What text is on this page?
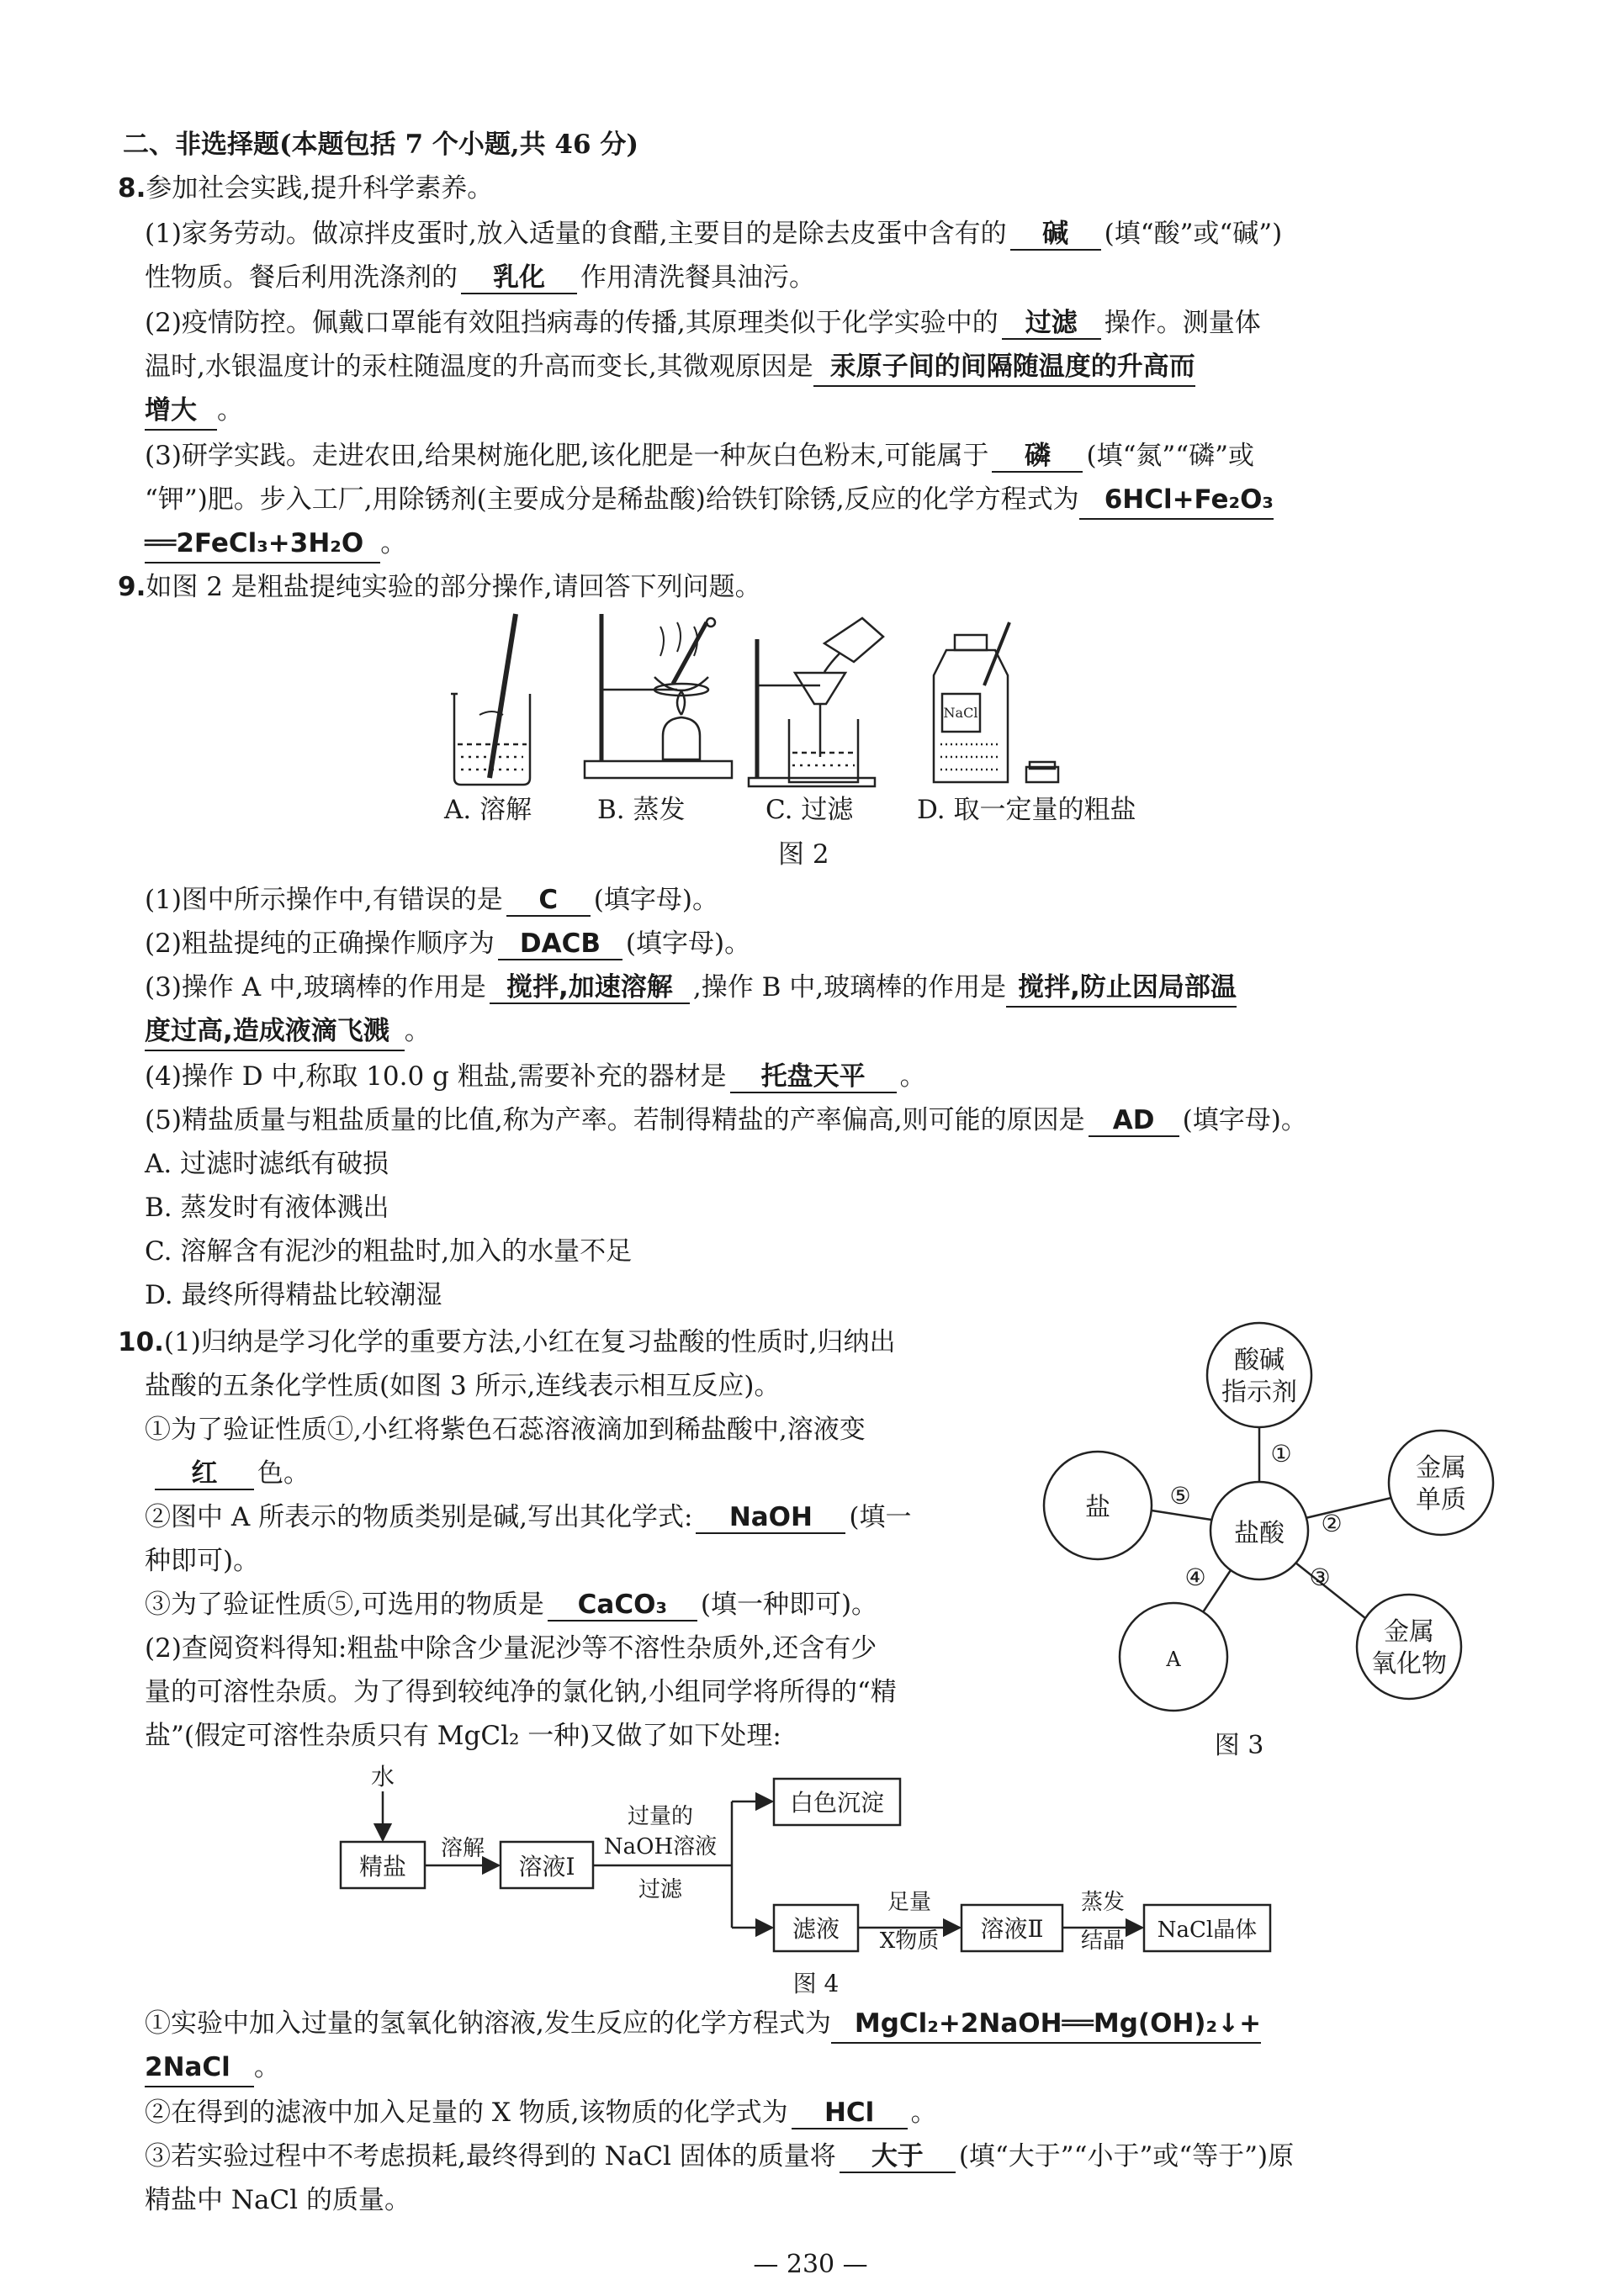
二、非选择题(本题包括 7 个小题,共 46 分)
8.参加社会实践,提升科学素养。
(1)家务劳动。做凉拌皮蛋时,放入适量的食醋,主要目的是除去皮蛋中含有的 碱 (填“酸”或“碱”)
性物质。餐后利用洗涤剂的 乳化 作用清洗餐具油污。
(2)疫情防控。佩戴口罩能有效阻挡病毒的传播,其原理类似于化学实验中的 过滤 操作。测量体
温时,水银温度计的汞柱随温度的升高而变长,其微观原因是 汞原子间的间隔随温度的升高而
增大 。
(3)研学实践。走进农田,给果树施化肥,该化肥是一种灰白色粉末,可能属于 磷 (填“氮”“磷”或
“钾”)肥。步入工厂,用除锈剂(主要成分是稀盐酸)给铁钉除锈,反应的化学方程式为 6HCl+Fe₂O₃
══2FeCl₃+3H₂O 。
9.如图 2 是粗盐提纯实验的部分操作,请回答下列问题。
NaCl
A. 溶解	B. 蒸发	C. 过滤 D. 取一定量的粗盐
图 2
(1)图中所示操作中,有错误的是 C (填字母)。
(2)粗盐提纯的正确操作顺序为 DACB (填字母)。
(3)操作 A 中,玻璃棒的作用是 搅拌,加速溶解 ,操作 B 中,玻璃棒的作用是 搅拌,防止因局部温
度过高,造成液滴飞溅 。
(4)操作 D 中,称取 10.0 g 粗盐,需要补充的器材是 托盘天平 。
(5)精盐质量与粗盐质量的比值,称为产率。若制得精盐的产率偏高,则可能的原因是 AD (填字母)。
A. 过滤时滤纸有破损
B. 蒸发时有液体溅出
C. 溶解含有泥沙的粗盐时,加入的水量不足
D. 最终所得精盐比较潮湿
10.(1)归纳是学习化学的重要方法,小红在复习盐酸的性质时,归纳出
盐酸的五条化学性质(如图 3 所示,连线表示相互反应)。
①为了验证性质①,小红将紫色石蕊溶液滴加到稀盐酸中,溶液变
红 色。
②图中 A 所表示的物质类别是碱,写出其化学式: NaOH (填一
种即可)。
③为了验证性质⑤,可选用的物质是 CaCO₃ (填一种即可)。
(2)查阅资料得知:粗盐中除含少量泥沙等不溶性杂质外,还含有少
量的可溶性杂质。为了得到较纯净的氯化钠,小组同学将所得的“精
盐”(假定可溶性杂质只有 MgCl₂ 一种)又做了如下处理:
盐酸
酸碱
指示剂
金属
单质
金属
氧化物
A
盐
①
②
③
④
⑤
图 3
水
精盐
溶解
溶液Ⅰ
过量的
NaOH溶液
过滤
白色沉淀
滤液
足量
X物质 溶液Ⅱ
蒸发
结晶 NaCl晶体
图 4
①实验中加入过量的氢氧化钠溶液,发生反应的化学方程式为 MgCl₂+2NaOH══Mg(OH)₂↓+
2NaCl 。
②在得到的滤液中加入足量的 X 物质,该物质的化学式为 HCl 。
③若实验过程中不考虑损耗,最终得到的 NaCl 固体的质量将 大于 (填“大于”“小于”或“等于”)原
精盐中 NaCl 的质量。
— 230 —
